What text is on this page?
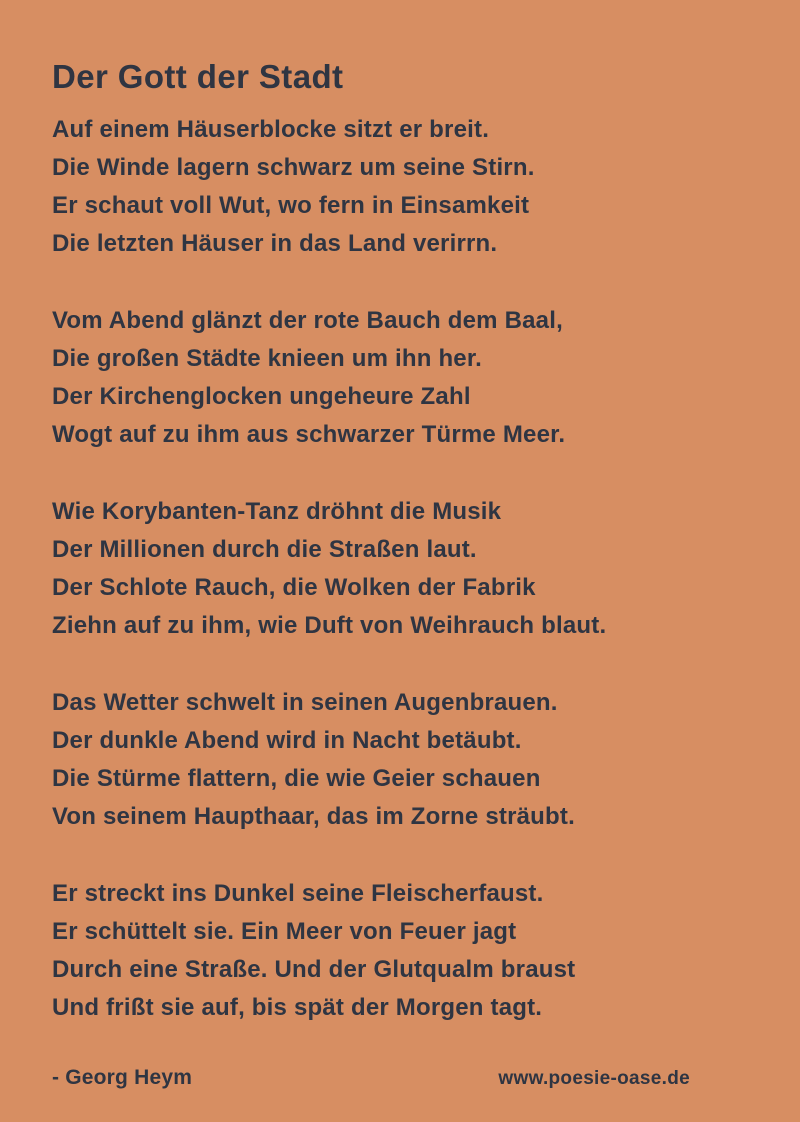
Der Gott der Stadt
Auf einem Häuserblocke sitzt er breit.
Die Winde lagern schwarz um seine Stirn.
Er schaut voll Wut, wo fern in Einsamkeit
Die letzten Häuser in das Land verirrn.
Vom Abend glänzt der rote Bauch dem Baal,
Die großen Städte knieen um ihn her.
Der Kirchenglocken ungeheure Zahl
Wogt auf zu ihm aus schwarzer Türme Meer.
Wie Korybanten-Tanz dröhnt die Musik
Der Millionen durch die Straßen laut.
Der Schlote Rauch, die Wolken der Fabrik
Ziehn auf zu ihm, wie Duft von Weihrauch blaut.
Das Wetter schwelt in seinen Augenbrauen.
Der dunkle Abend wird in Nacht betäubt.
Die Stürme flattern, die wie Geier schauen
Von seinem Haupthaar, das im Zorne sträubt.
Er streckt ins Dunkel seine Fleischerfaust.
Er schüttelt sie. Ein Meer von Feuer jagt
Durch eine Straße. Und der Glutqualm braust
Und frißt sie auf, bis spät der Morgen tagt.
- Georg Heym	www.poesie-oase.de
